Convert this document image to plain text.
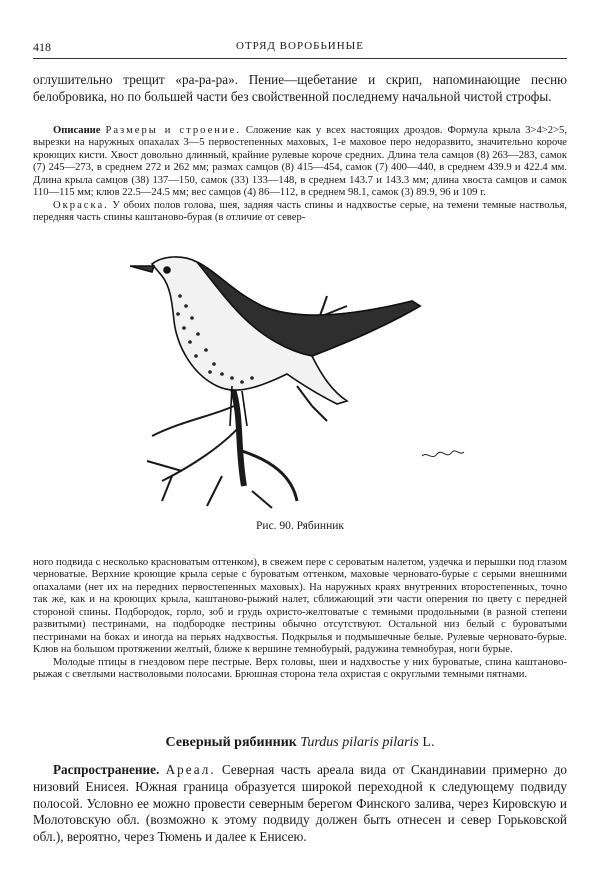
418	ОТРЯД ВОРОБЬИНЫЕ

оглушительно трещит «ра-ра-ра». Пение—щебетание и скрип, напоминающие песню белобровика, но по большей части без свойственной последнему начальной чистой строфы.

Описание Размеры и строение. Сложение как у всех настоящих дроздов. Формула крыла 3>4>2>5, вырезки на наружных опахалах 3—5 первостепенных маховых, 1-е маховое перо недоразвито, значительно короче кроющих кисти. Хвост довольно длинный, крайние рулевые короче средних. Длина тела самцов (8) 263—283, самок (7) 245—273, в среднем 272 и 262 мм; размах самцов (8) 415—454, самок (7) 400—440, в среднем 439.9 и 422.4 мм. Длина крыла самцов (38) 137—150, самок (33) 133—148, в среднем 143.7 и 143.3 мм; длина хвоста самцов и самок 110—115 мм; клюв 22.5—24.5 мм; вес самцов (4) 86—112, в среднем 98.1, самок (3) 89.9, 96 и 109 г.

Окраска. У обоих полов голова, шея, задняя часть спины и надхвостье серые, на темени темные настволья, передняя часть спины каштаново-бурая (в отличие от север-

Рис. 90. Рябинник

ного подвида с несколько красноватым оттенком), в свежем пере с сероватым налетом, уздечка и перышки под глазом черноватые. Верхние кроющие крыла серые с буроватым оттенком, маховые черновато-бурые с серыми внешними опахалами (нет их на передних первостепенных маховых). На наружных краях внутренних второстепенных, точно так же, как и на кроющих крыла, каштаново-рыжий налет, сближающий эти части оперения по цвету с передней стороной спины. Подбородок, горло, зоб и грудь охристо-желтоватые с темными продольными (в разной степени развитыми) пестринами, на подбородке пестрины обычно отсутствуют. Остальной низ белый с буроватыми пестринами на боках и иногда на перьях надхвостья. Подкрылья и подмышечные белые. Рулевые черновато-бурые. Клюв на большом протяжении желтый, ближе к вершине темнобурый, радужина темнобурая, ноги бурые.

Молодые птицы в гнездовом пере пестрые. Верх головы, шеи и надхвостье у них буроватые, спина каштаново-рыжая с светлыми настволовыми полосами. Брюшная сторона тела охристая с округлыми темными пятнами.

Северный рябинник Turdus pilaris pilaris L.

Распространение. Ареал. Северная часть ареала вида от Скандинавии примерно до низовий Енисея. Южная граница образуется широкой переходной к следующему подвиду полосой. Условно ее можно провести северным берегом Финского залива, через Кировскую и Молотовскую обл. (возможно к этому подвиду должен быть отнесен и север Горьковской обл.), вероятно, через Тюмень и далее к Енисею.
